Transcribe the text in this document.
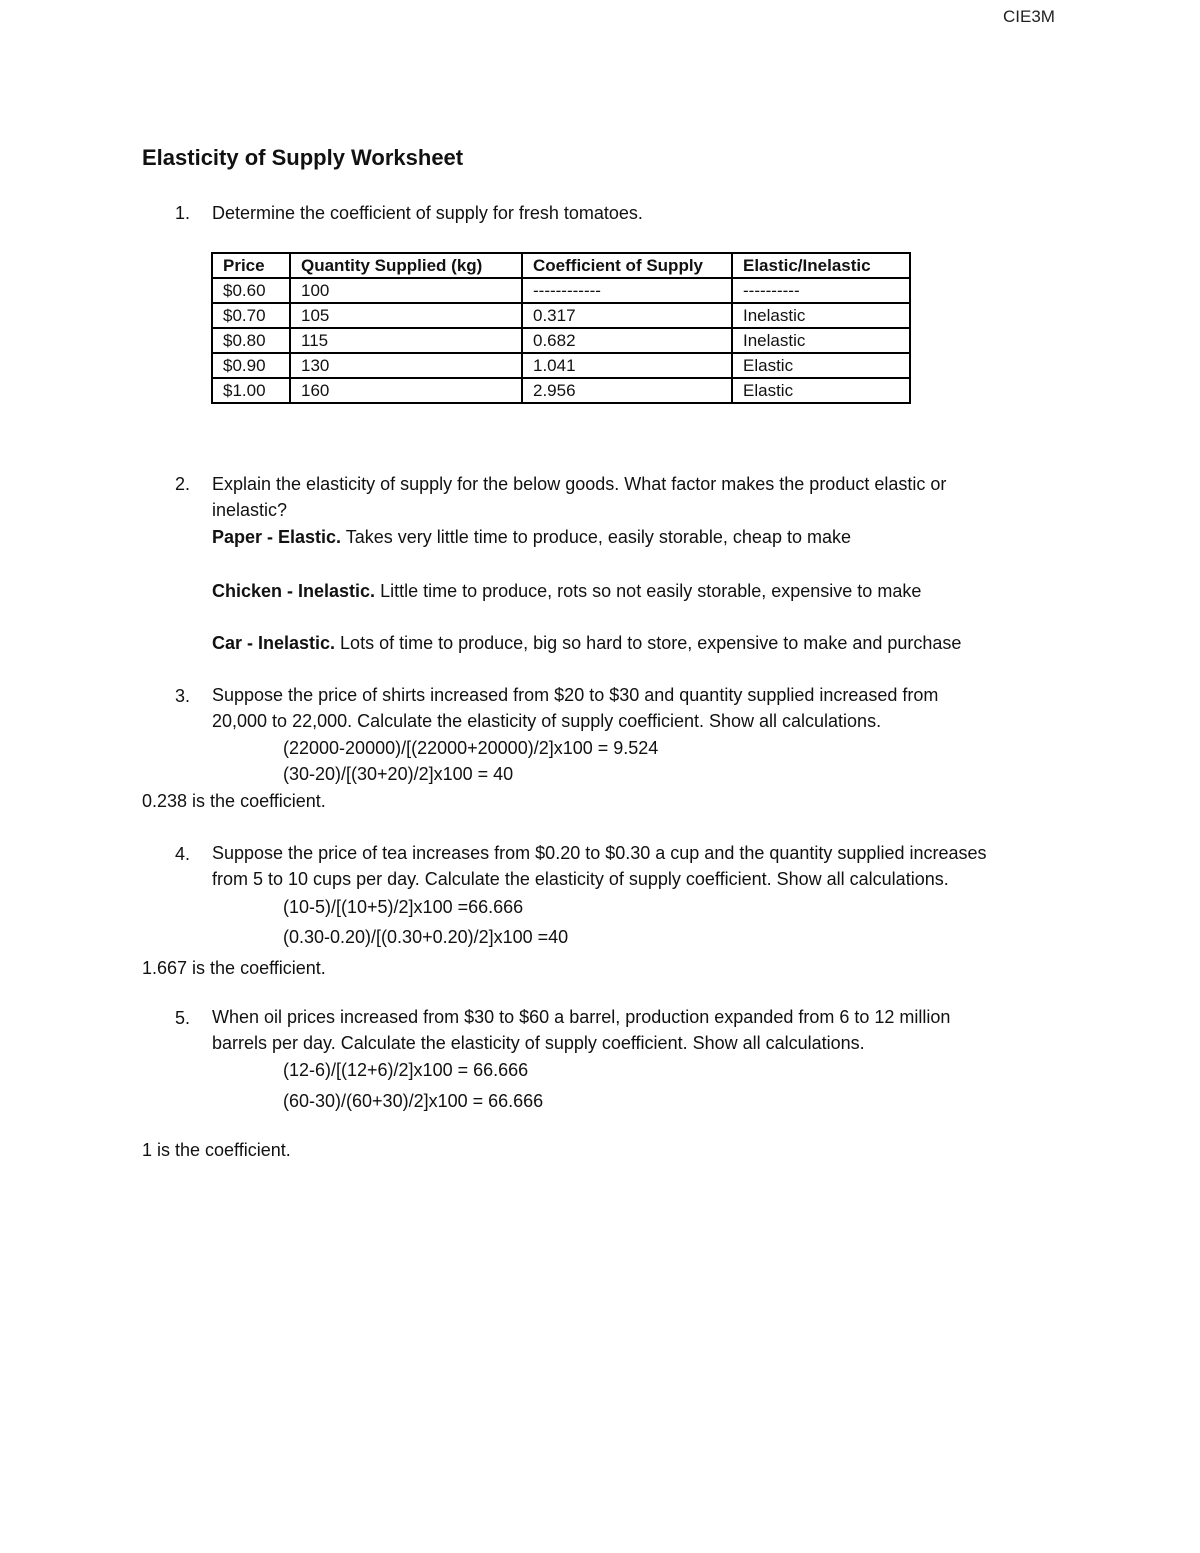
CIE3M
Elasticity of Supply Worksheet
1. Determine the coefficient of supply for fresh tomatoes.
Price	Quantity Supplied (kg)	Coefficient of Supply	Elastic/Inelastic
$0.60	100	------------	----------
$0.70	105	0.317	Inelastic
$0.80	115	0.682	Inelastic
$0.90	130	1.041	Elastic
$1.00	160	2.956	Elastic
2. Explain the elasticity of supply for the below goods. What factor makes the product elastic or
inelastic?
Paper - Elastic. Takes very little time to produce, easily storable, cheap to make
Chicken - Inelastic. Little time to produce, rots so not easily storable, expensive to make
Car - Inelastic. Lots of time to produce, big so hard to store, expensive to make and purchase
3. Suppose the price of shirts increased from $20 to $30 and quantity supplied increased from
20,000 to 22,000. Calculate the elasticity of supply coefficient. Show all calculations.
(22000-20000)/[(22000+20000)/2]x100 = 9.524
(30-20)/[(30+20)/2]x100 = 40
0.238 is the coefficient.
4. Suppose the price of tea increases from $0.20 to $0.30 a cup and the quantity supplied increases
from 5 to 10 cups per day. Calculate the elasticity of supply coefficient. Show all calculations.
(10-5)/[(10+5)/2]x100 =66.666
(0.30-0.20)/[(0.30+0.20)/2]x100 =40
1.667 is the coefficient.
5. When oil prices increased from $30 to $60 a barrel, production expanded from 6 to 12 million
barrels per day. Calculate the elasticity of supply coefficient. Show all calculations.
(12-6)/[(12+6)/2]x100 = 66.666
(60-30)/(60+30)/2]x100 = 66.666
1 is the coefficient.
